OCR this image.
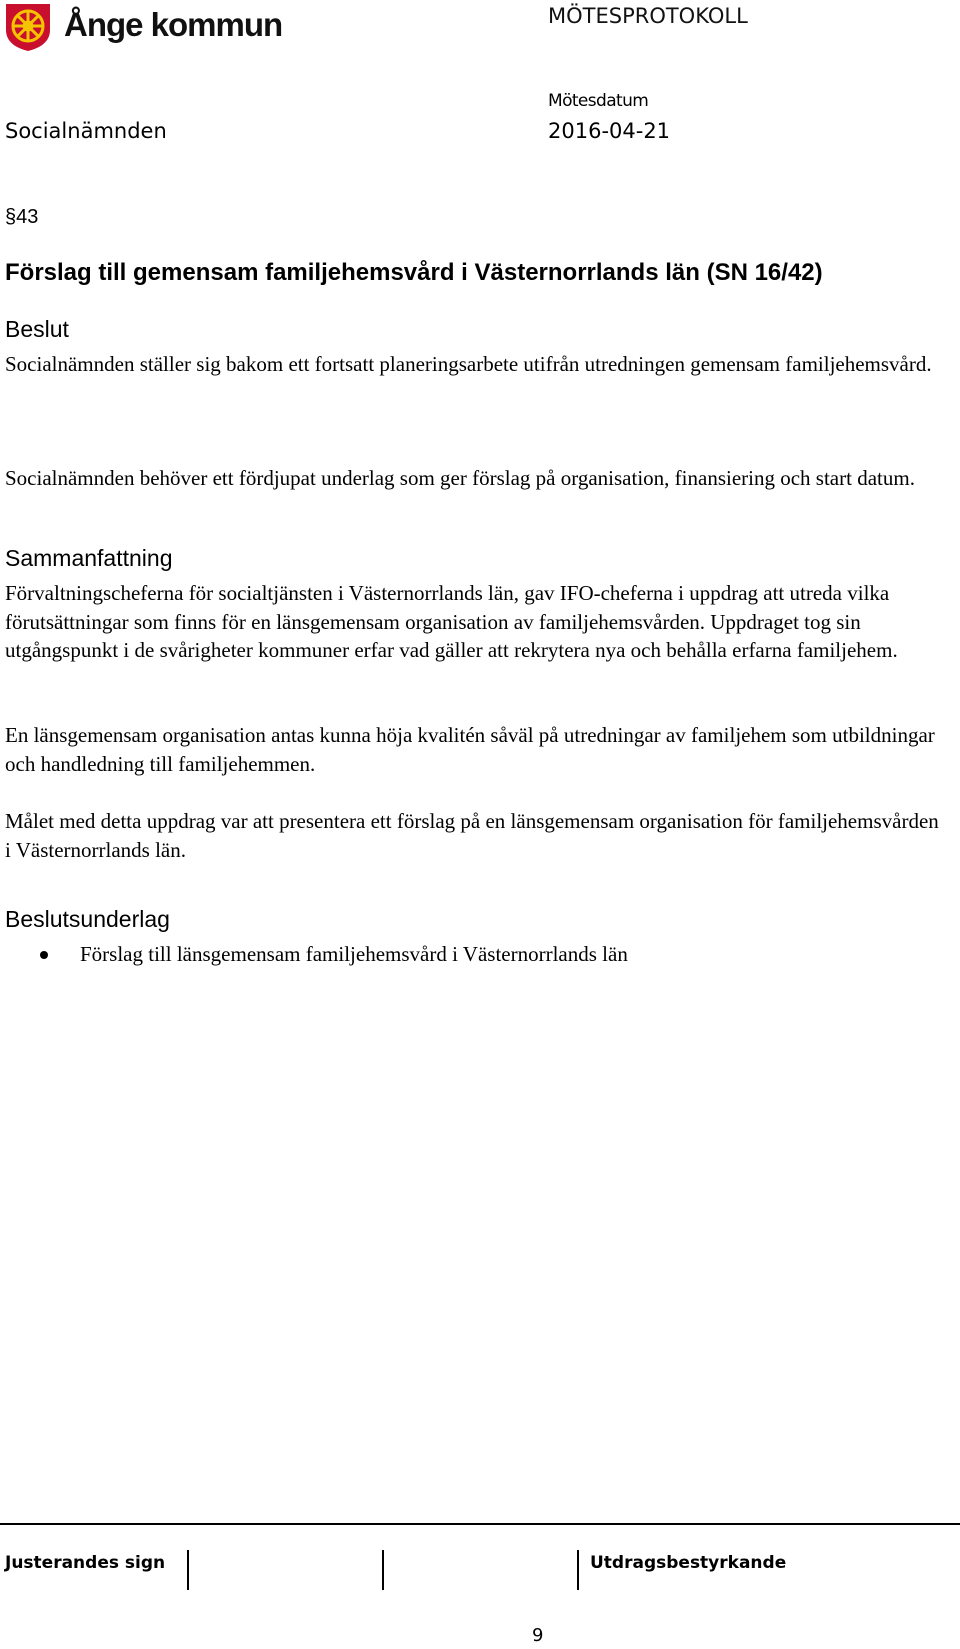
Ånge kommun	MÖTESPROTOKOLL
Mötesdatum
Socialnämnden	2016-04-21
§43
Förslag till gemensam familjehemsvård i Västernorrlands län (SN 16/42)
Beslut
Socialnämnden ställer sig bakom ett fortsatt planeringsarbete utifrån utredningen gemensam familjehemsvård.
Socialnämnden behöver ett fördjupat underlag som ger förslag på organisation, finansiering och start datum.
Sammanfattning
Förvaltningscheferna för socialtjänsten i Västernorrlands län, gav IFO-cheferna i uppdrag att utreda vilka förutsättningar som finns för en länsgemensam organisation av familjehemsvården. Uppdraget tog sin utgångspunkt i de svårigheter kommuner erfar vad gäller att rekrytera nya och behålla erfarna familjehem.
En länsgemensam organisation antas kunna höja kvalitén såväl på utredningar av familjehem som utbildningar och handledning till familjehemmen.
Målet med detta uppdrag var att presentera ett förslag på en länsgemensam organisation för familjehemsvården i Västernorrlands län.
Beslutsunderlag
Förslag till länsgemensam familjehemsvård i Västernorrlands län
Justerandes sign	Utdragsbestyrkande
9
